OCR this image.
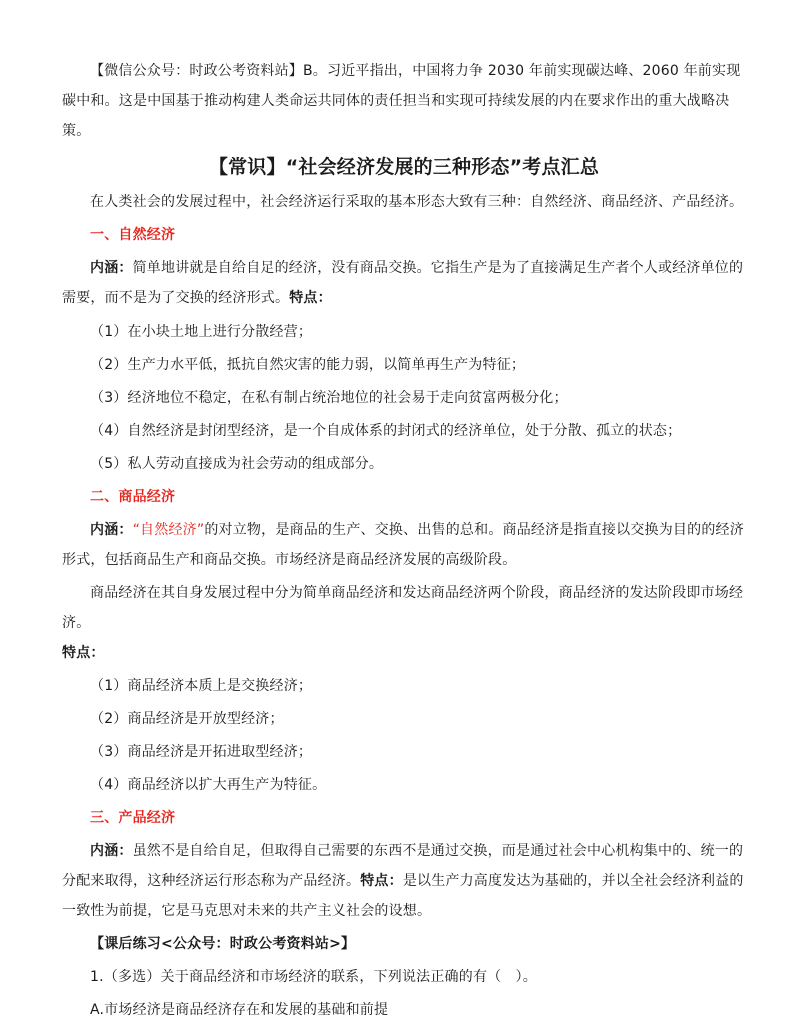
【微信公众号：时政公考资料站】B。习近平指出，中国将力争 2030 年前实现碳达峰、2060 年前实现碳中和。这是中国基于推动构建人类命运共同体的责任担当和实现可持续发展的内在要求作出的重大战略决策。

【常识】“社会经济发展的三种形态”考点汇总

在人类社会的发展过程中，社会经济运行采取的基本形态大致有三种：自然经济、商品经济、产品经济。

一、自然经济

内涵：简单地讲就是自给自足的经济，没有商品交换。它指生产是为了直接满足生产者个人或经济单位的需要，而不是为了交换的经济形式。特点：

（1）在小块土地上进行分散经营；

（2）生产力水平低，抵抗自然灾害的能力弱，以简单再生产为特征；

（3）经济地位不稳定，在私有制占统治地位的社会易于走向贫富两极分化；

（4）自然经济是封闭型经济，是一个自成体系的封闭式的经济单位，处于分散、孤立的状态；

（5）私人劳动直接成为社会劳动的组成部分。

二、商品经济

内涵：“自然经济”的对立物，是商品的生产、交换、出售的总和。商品经济是指直接以交换为目的的经济形式，包括商品生产和商品交换。市场经济是商品经济发展的高级阶段。

商品经济在其自身发展过程中分为简单商品经济和发达商品经济两个阶段，商品经济的发达阶段即市场经济。

特点：

（1）商品经济本质上是交换经济；

（2）商品经济是开放型经济；

（3）商品经济是开拓进取型经济；

（4）商品经济以扩大再生产为特征。

三、产品经济

内涵：虽然不是自给自足，但取得自己需要的东西不是通过交换，而是通过社会中心机构集中的、统一的分配来取得，这种经济运行形态称为产品经济。特点：是以生产力高度发达为基础的，并以全社会经济利益的一致性为前提，它是马克思对未来的共产主义社会的设想。

【课后练习<公众号：时政公考资料站>】

1.（多选）关于商品经济和市场经济的联系，下列说法正确的有（　）。

A.市场经济是商品经济存在和发展的基础和前提
